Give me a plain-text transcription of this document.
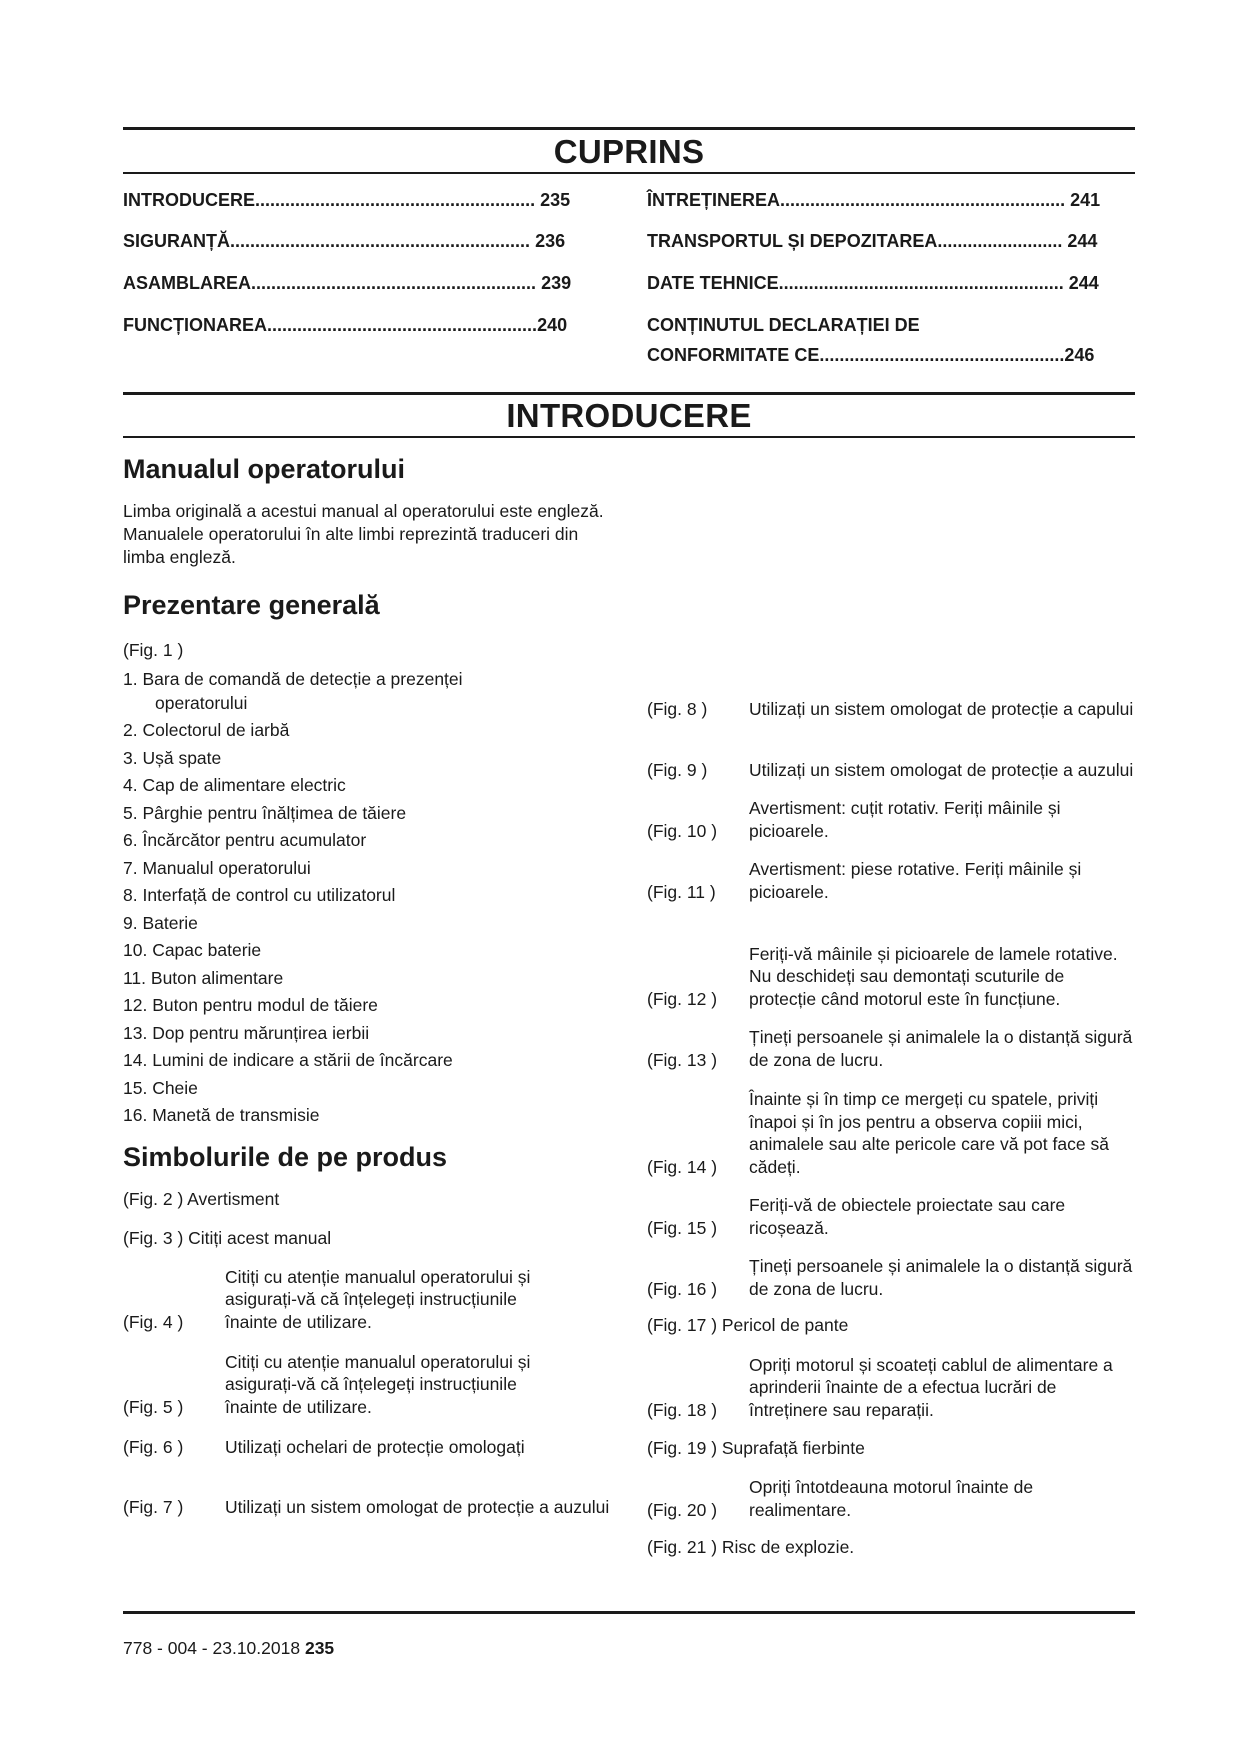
CUPRINS
INTRODUCERE........................................................ 235
SIGURANȚĂ............................................................ 236
ASAMBLAREA......................................................... 239
FUNCȚIONAREA......................................................240
ÎNTREȚINEREA......................................................... 241
TRANSPORTUL ȘI DEPOZITAREA......................... 244
DATE TEHNICE......................................................... 244
CONȚINUTUL DECLARAȚIEI DE
CONFORMITATE CE.................................................246
INTRODUCERE
Manualul operatorului
Limba originală a acestui manual al operatorului este engleză. Manualele operatorului în alte limbi reprezintă traduceri din limba engleză.
Prezentare generală
(Fig. 1 )
1. Bara de comandă de detecție a prezenței
operatorului
2. Colectorul de iarbă
3. Ușă spate
4. Cap de alimentare electric
5. Pârghie pentru înălțimea de tăiere
6. Încărcător pentru acumulator
7. Manualul operatorului
8. Interfață de control cu utilizatorul
9. Baterie
10. Capac baterie
11. Buton alimentare
12. Buton pentru modul de tăiere
13. Dop pentru mărunțirea ierbii
14. Lumini de indicare a stării de încărcare
15. Cheie
16. Manetă de transmisie
Simbolurile de pe produs
(Fig. 2 ) Avertisment
(Fig. 3 ) Citiți acest manual
(Fig. 4 )
Citiți cu atenție manualul operatorului și asigurați-vă că înțelegeți instrucțiunile înainte de utilizare.
(Fig. 5 )
Citiți cu atenție manualul operatorului și asigurați-vă că înțelegeți instrucțiunile înainte de utilizare.
(Fig. 6 ) Utilizați ochelari de protecție omologați
(Fig. 7 ) Utilizați un sistem omologat de protecție a auzului
(Fig. 8 ) Utilizați un sistem omologat de protecție a capului
(Fig. 9 ) Utilizați un sistem omologat de protecție a auzului
(Fig. 10 )
Avertisment: cuțit rotativ. Feriți mâinile și picioarele.
(Fig. 11 )
Avertisment: piese rotative. Feriți mâinile și picioarele.
(Fig. 12 )
Feriți-vă mâinile și picioarele de lamele rotative. Nu deschideți sau demontați scuturile de protecție când motorul este în funcțiune.
(Fig. 13 )
Țineți persoanele și animalele la o distanță sigură de zona de lucru.
(Fig. 14 )
Înainte și în timp ce mergeți cu spatele, priviți înapoi și în jos pentru a observa copiii mici, animalele sau alte pericole care vă pot face să cădeți.
(Fig. 15 )
Feriți-vă de obiectele proiectate sau care ricoșează.
(Fig. 16 )
Țineți persoanele și animalele la o distanță sigură de zona de lucru.
(Fig. 17 ) Pericol de pante
(Fig. 18 )
Opriți motorul și scoateți cablul de alimentare a aprinderii înainte de a efectua lucrări de întreținere sau reparații.
(Fig. 19 ) Suprafață fierbinte
(Fig. 20 )
Opriți întotdeauna motorul înainte de realimentare.
(Fig. 21 ) Risc de explozie.
778 - 004 - 23.10.2018 235
